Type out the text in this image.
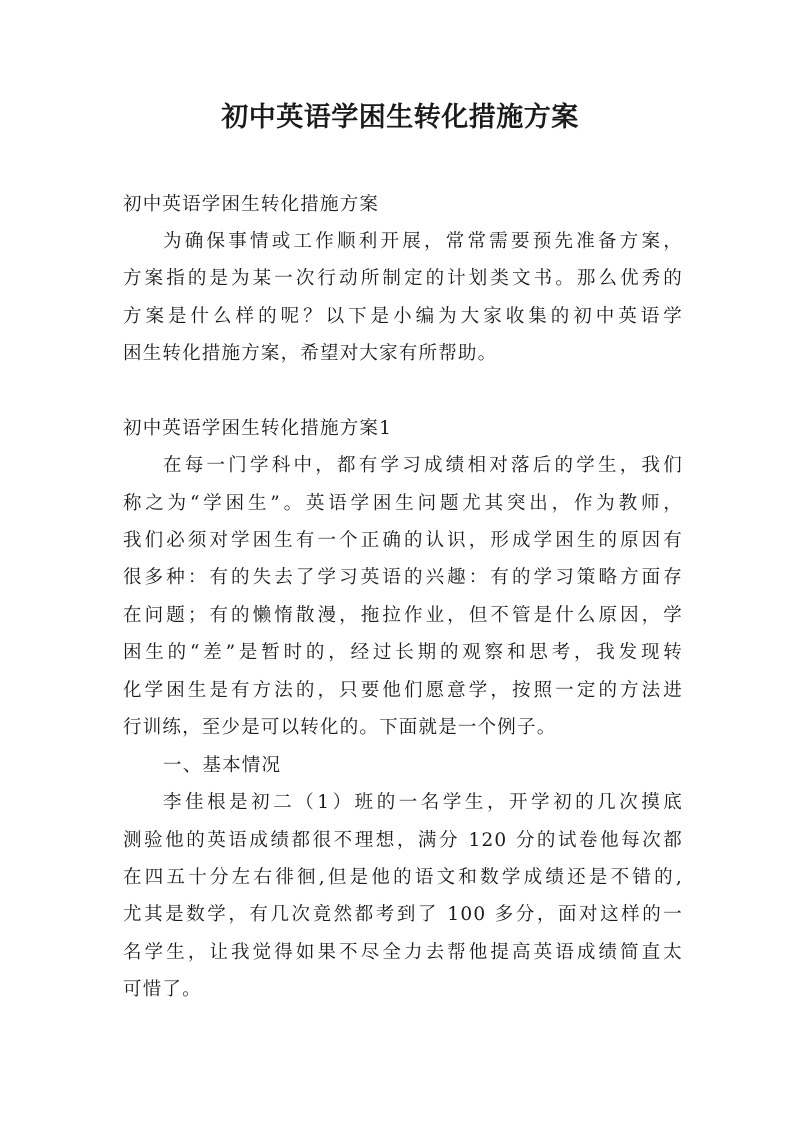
初中英语学困生转化措施方案
初中英语学困生转化措施方案
为确保事情或工作顺利开展，常常需要预先准备方案，
方案指的是为某一次行动所制定的计划类文书。那么优秀的
方案是什么样的呢？以下是小编为大家收集的初中英语学
困生转化措施方案，希望对大家有所帮助。
初中英语学困生转化措施方案1
在每一门学科中，都有学习成绩相对落后的学生，我们
称之为“学困生”。英语学困生问题尤其突出，作为教师，
我们必须对学困生有一个正确的认识，形成学困生的原因有
很多种：有的失去了学习英语的兴趣：有的学习策略方面存
在问题；有的懒惰散漫，拖拉作业，但不管是什么原因，学
困生的“差”是暂时的，经过长期的观察和思考，我发现转
化学困生是有方法的，只要他们愿意学，按照一定的方法进
行训练，至少是可以转化的。下面就是一个例子。
一、基本情况
李佳根是初二（1）班的一名学生，开学初的几次摸底
测验他的英语成绩都很不理想，满分 120 分的试卷他每次都
在四五十分左右徘徊,但是他的语文和数学成绩还是不错的,
尤其是数学，有几次竟然都考到了 100 多分，面对这样的一
名学生，让我觉得如果不尽全力去帮他提高英语成绩简直太
可惜了。
